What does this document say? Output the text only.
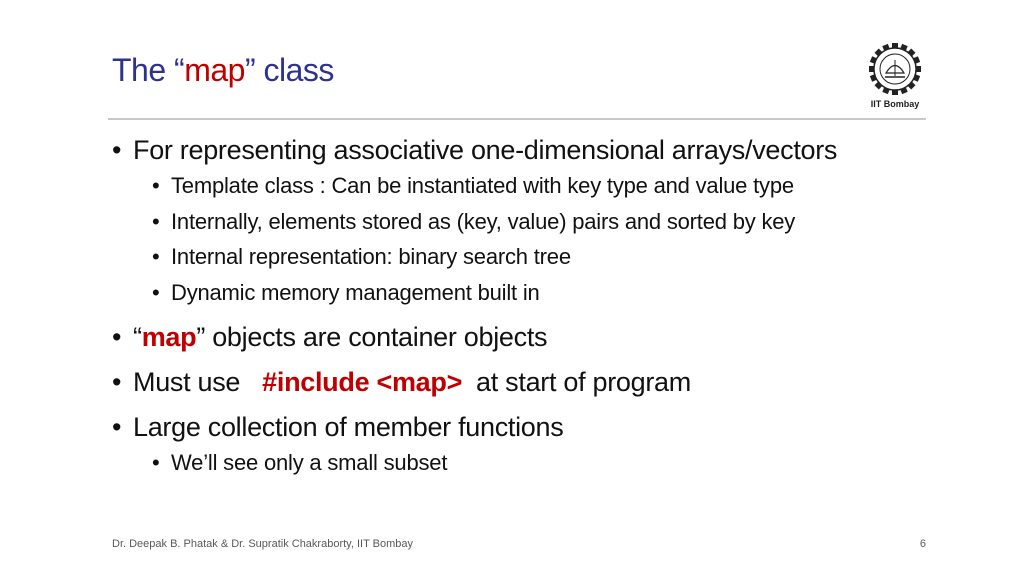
The “map” class
IIT Bombay
• For representing associative one-dimensional arrays/vectors
• Template class : Can be instantiated with key type and value type
• Internally, elements stored as (key, value) pairs and sorted by key
• Internal representation: binary search tree
• Dynamic memory management built in
• “map” objects are container objects
• Must use #include <map> at start of program
• Large collection of member functions
• We’ll see only a small subset
Dr. Deepak B. Phatak & Dr. Supratik Chakraborty, IIT Bombay	6
